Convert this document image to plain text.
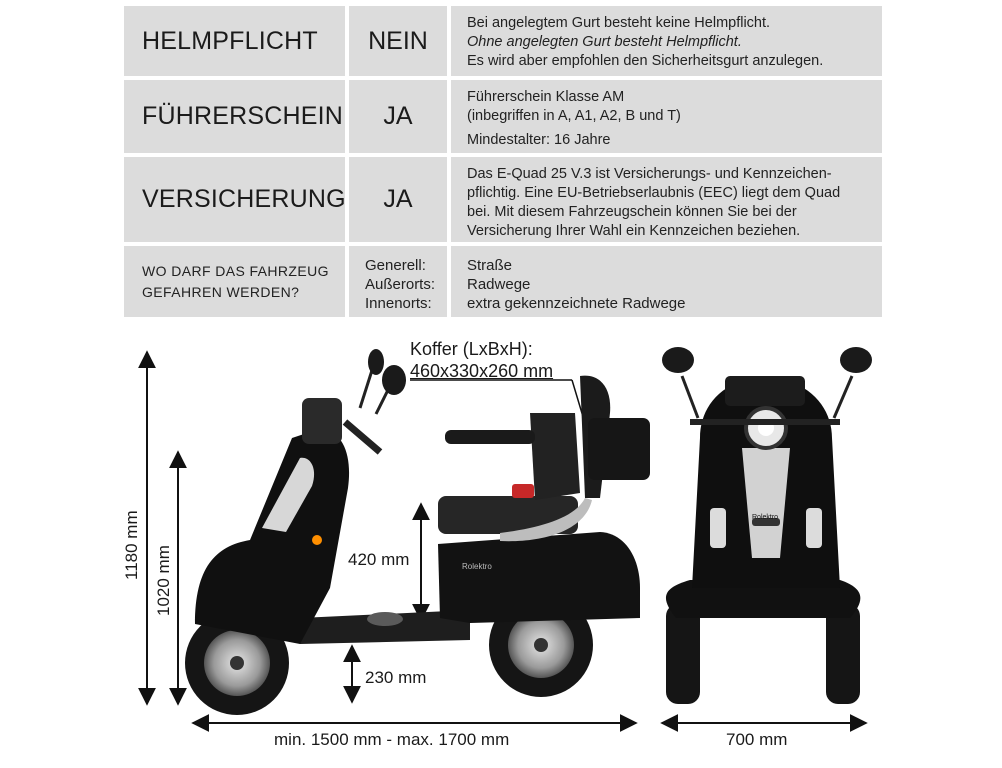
HELMPFLICHT NEIN
Bei angelegtem Gurt besteht keine Helmpflicht.
Ohne angelegten Gurt besteht Helmpflicht.
Es wird aber empfohlen den Sicherheitsgurt anzulegen.
FÜHRERSCHEIN JA
Führerschein Klasse AM
(inbegriffen in A, A1, A2, B und T)
Mindestalter: 16 Jahre
VERSICHERUNG JA
Das E-Quad 25 V.3 ist Versicherungs- und Kennzeichen-
pflichtig. Eine EU-Betriebserlaubnis (EEC) liegt dem Quad
bei. Mit diesem Fahrzeugschein können Sie bei der
Versicherung Ihrer Wahl ein Kennzeichen beziehen.
WO DARF DAS FAHRZEUG
GEFAHREN WERDEN?
Generell:
Außerorts:
Innenorts:
Straße
Radwege
extra gekennzeichnete Radwege
Rolektro
Rolektro
Koffer (LxBxH):
460x330x260 mm
1180 mm 1020 mm	420 mm
230 mm
min. 1500 mm - max. 1700 mm	700 mm
